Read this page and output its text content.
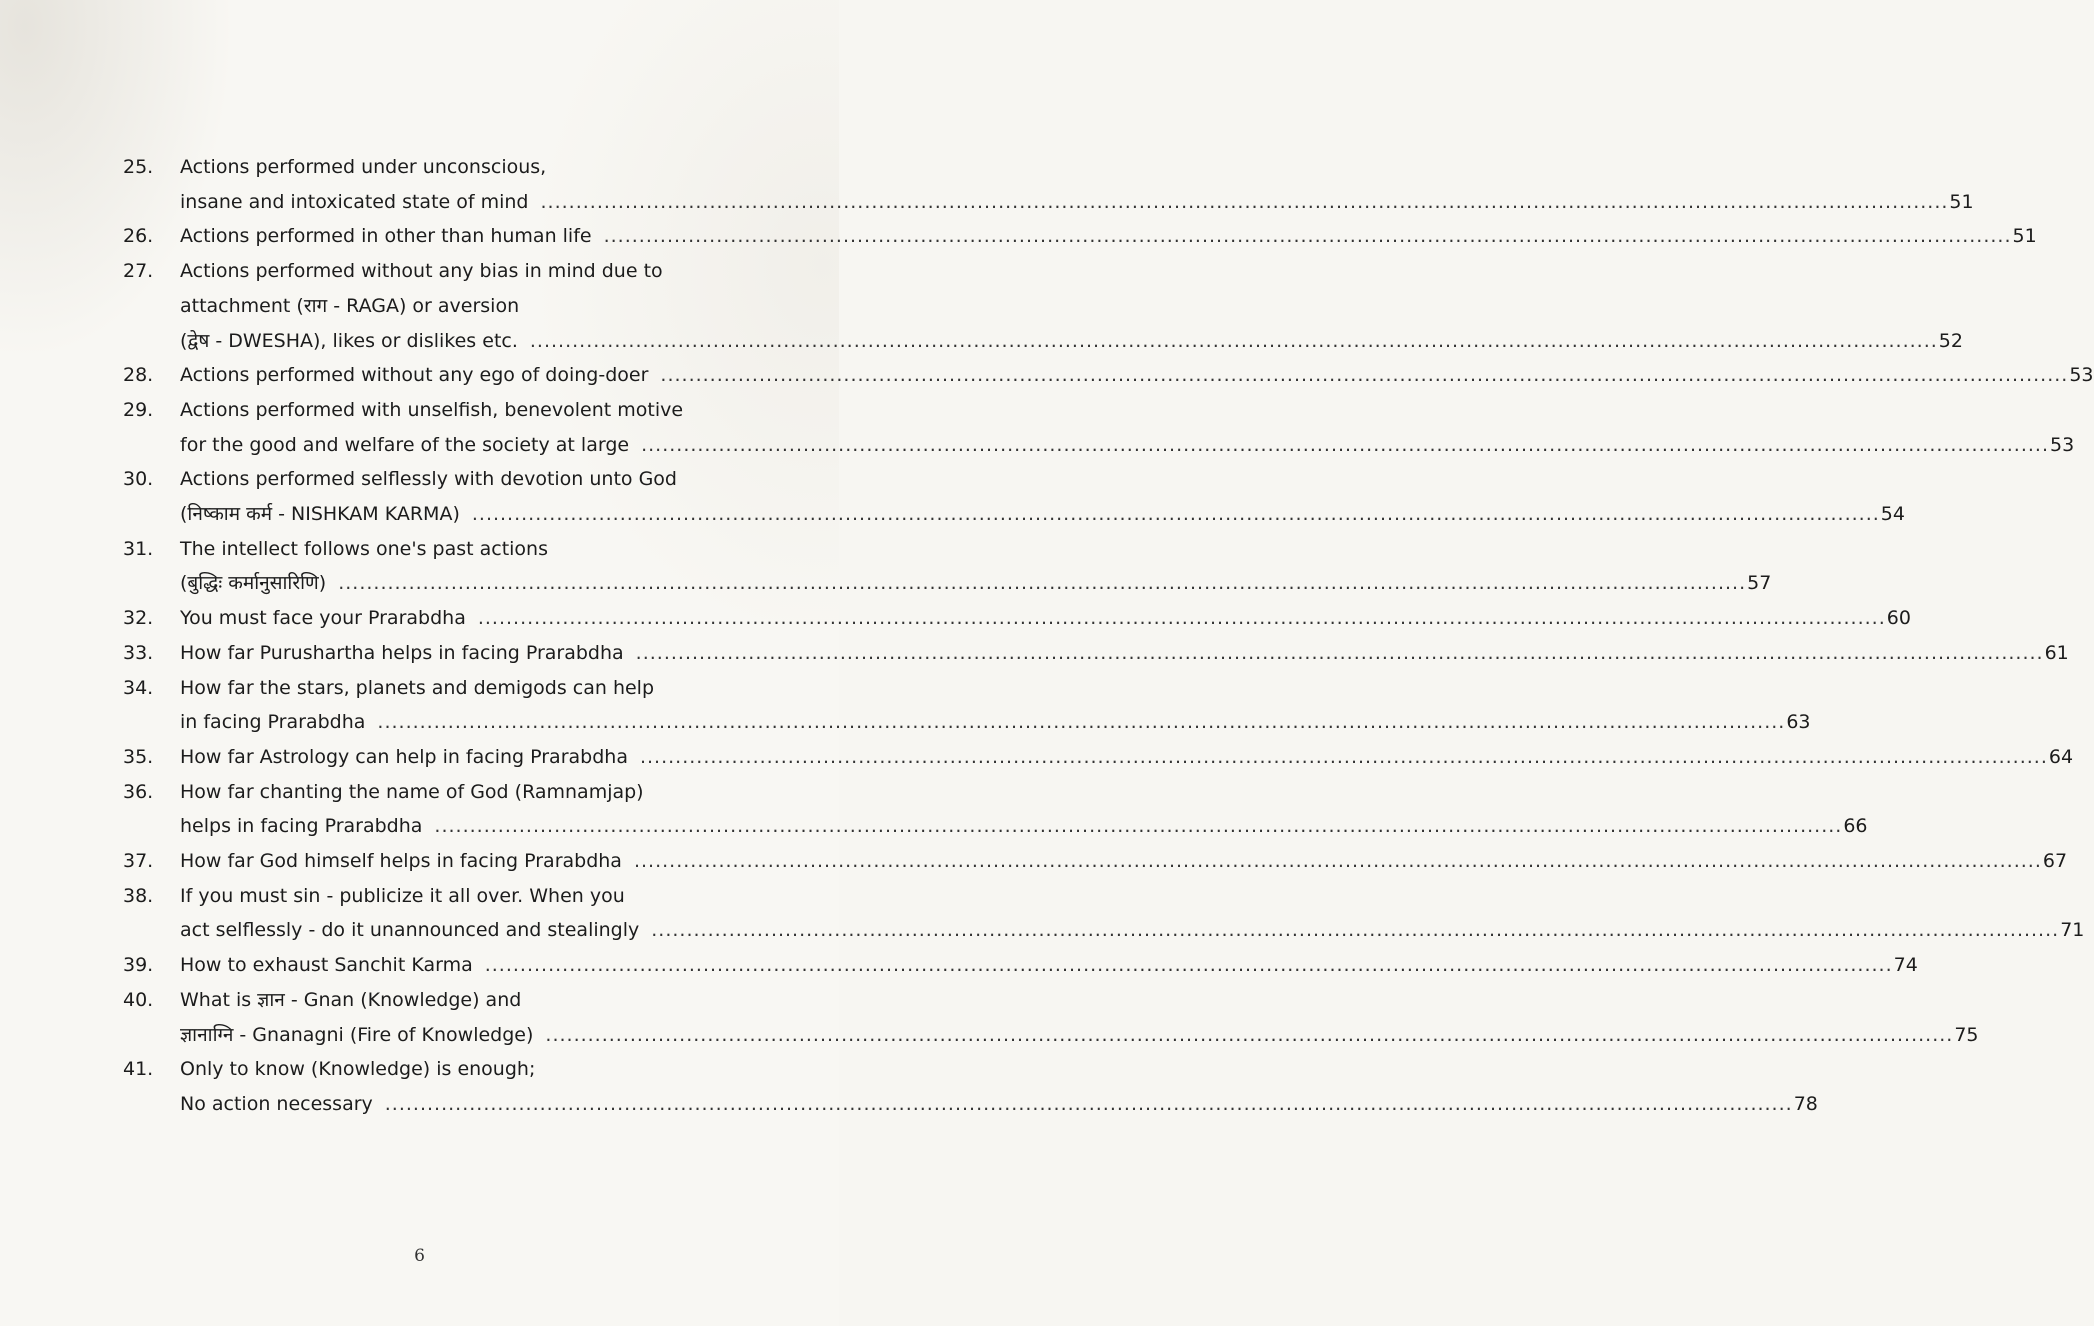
25.	Actions performed under unconscious,
insane and intoxicated state of mind .....	51
26.	Actions performed in other than human life .....	51
27.	Actions performed without any bias in mind due to
attachment (राग - RAGA) or aversion
(द्वेष - DWESHA), likes or dislikes etc. .....	52
28.	Actions performed without any ego of doing-doer .....	53
29.	Actions performed with unselfish, benevolent motive
for the good and welfare of the society at large .....	53
30.	Actions performed selflessly with devotion unto God
(निष्काम कर्म - NISHKAM KARMA) .....	54
31.	The intellect follows one's past actions
(बुद्धिः कर्मानुसारिणि) .....	57
32.	You must face your Prarabdha .....	60
33.	How far Purushartha helps in facing Prarabdha .....	61
34.	How far the stars, planets and demigods can help
in facing Prarabdha .....	63
35.	How far Astrology can help in facing Prarabdha .....	64
36.	How far chanting the name of God (Ramnamjap)
helps in facing Prarabdha .....	66
37.	How far God himself helps in facing Prarabdha .....	67
38.	If you must sin - publicize it all over. When you
act selflessly - do it unannounced and stealingly .....	71
39.	How to exhaust Sanchit Karma .....	74
40.	What is ज्ञान - Gnan (Knowledge) and
ज्ञानाग्नि - Gnanagni (Fire of Knowledge) .....	75
41.	Only to know (Knowledge) is enough;
No action necessary .....	78
6
